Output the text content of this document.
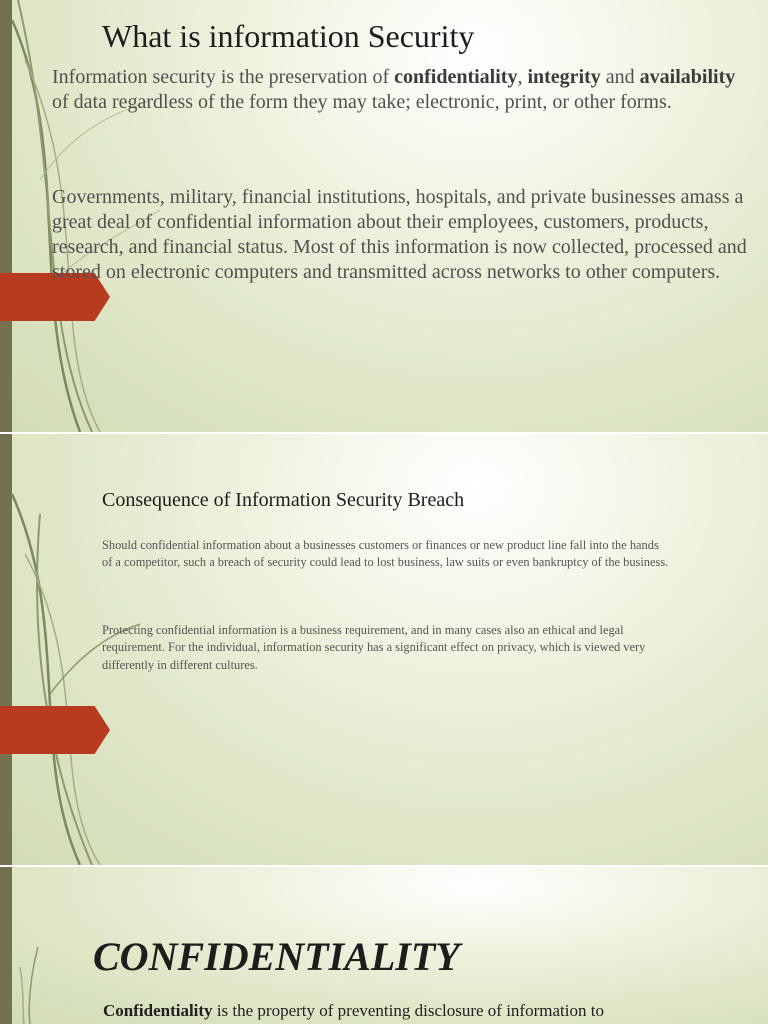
What is information Security

Information security is the preservation of confidentiality, integrity and availability of data regardless of the form they may take; electronic, print, or other forms.

Governments, military, financial institutions, hospitals, and private businesses amass a great deal of confidential information about their employees, customers, products, research, and financial status. Most of this information is now collected, processed and stored on electronic computers and transmitted across networks to other computers.

Consequence of Information Security Breach

Should confidential information about a businesses customers or finances or new product line fall into the hands of a competitor, such a breach of security could lead to lost business, law suits or even bankruptcy of the business.

Protecting confidential information is a business requirement, and in many cases also an ethical and legal requirement. For the individual, information security has a significant effect on privacy, which is viewed very differently in different cultures.

CONFIDENTIALITY

Confidentiality is the property of preventing disclosure of information to
